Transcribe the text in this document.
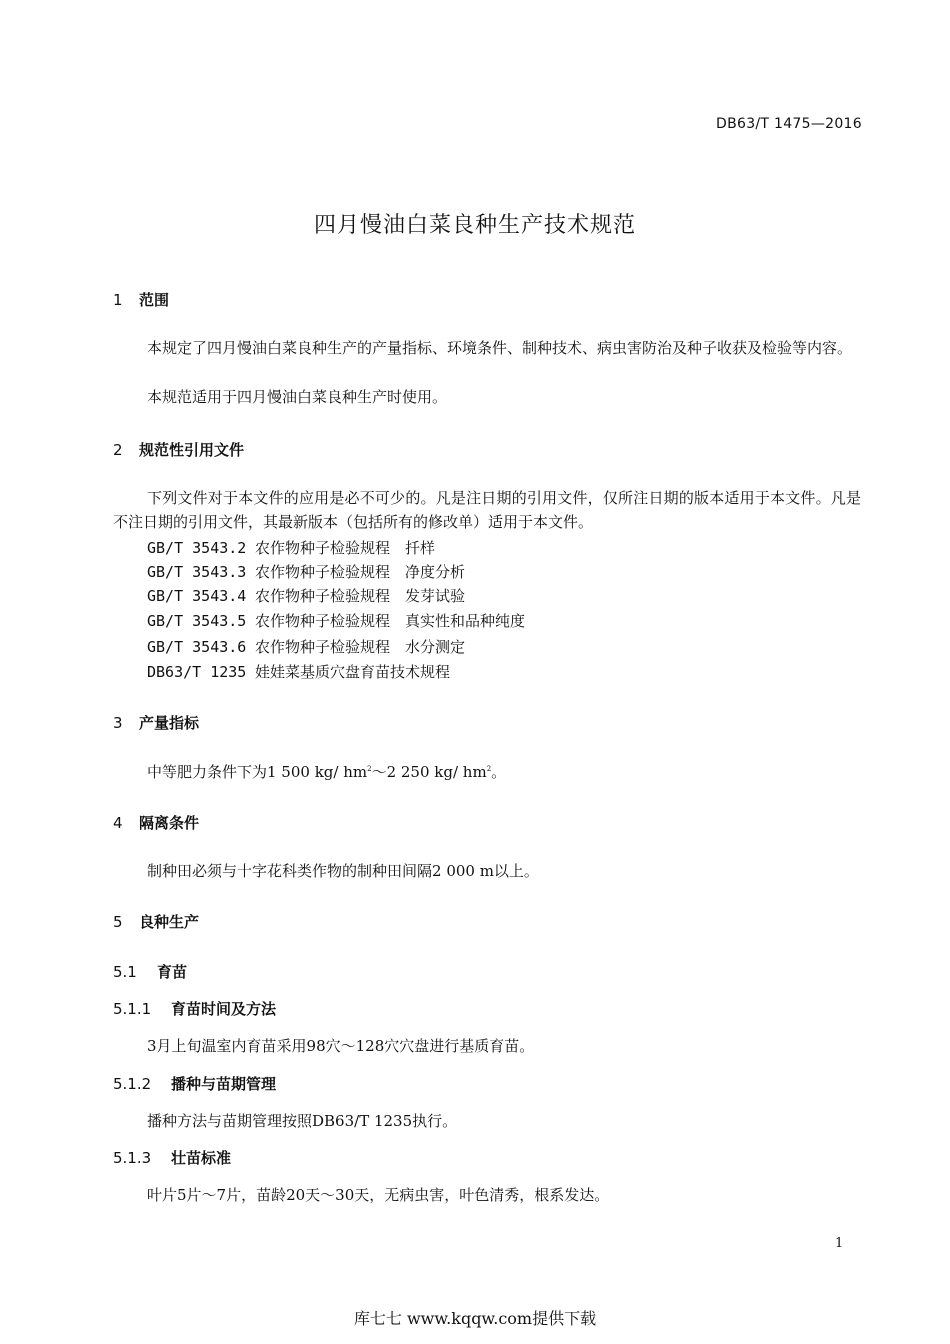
DB63/T 1475—2016
四月慢油白菜良种生产技术规范
1 范围
本规定了四月慢油白菜良种生产的产量指标、环境条件、制种技术、病虫害防治及种子收获及检验等内容。
本规范适用于四月慢油白菜良种生产时使用。
2 规范性引用文件
下列文件对于本文件的应用是必不可少的。凡是注日期的引用文件，仅所注日期的版本适用于本文件。凡是不注日期的引用文件，其最新版本（包括所有的修改单）适用于本文件。
GB/T 3543.2 农作物种子检验规程　扦样
GB/T 3543.3 农作物种子检验规程　净度分析
GB/T 3543.4 农作物种子检验规程　发芽试验
GB/T 3543.5 农作物种子检验规程　真实性和品种纯度
GB/T 3543.6 农作物种子检验规程　水分测定
DB63/T 1235 娃娃菜基质穴盘育苗技术规程
3 产量指标
中等肥力条件下为1 500 kg/ $hm^2\sim 2$ 250 kg/ $hm^2$。
4 隔离条件
制种田必须与十字花科类作物的制种田间隔2 000 m以上。
5 良种生产
5.1 育苗
5.1.1 育苗时间及方法
3月上旬温室内育苗采用98穴～128穴穴盘进行基质育苗。
5.1.2 播种与苗期管理
播种方法与苗期管理按照DB63/T 1235执行。
5.1.3 壮苗标准
叶片5片～7片，苗龄20天～30天，无病虫害，叶色清秀，根系发达。
1
库七七 www.kqqw.com提供下载
